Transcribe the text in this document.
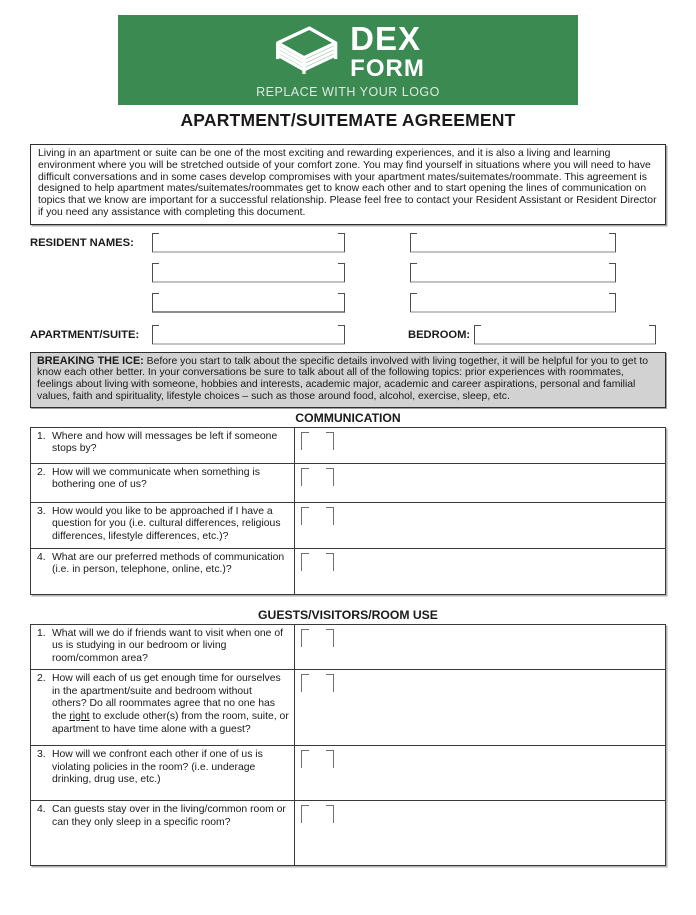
DEX
FORM
REPLACE WITH YOUR LOGO
APARTMENT/SUITEMATE AGREEMENT
Living in an apartment or suite can be one of the most exciting and rewarding experiences, and it is also a living and learning environment where you will be stretched outside of your comfort zone. You may find yourself in situations where you will need to have difficult conversations and in some cases develop compromises with your apartment mates/suitemates/roommate. This agreement is designed to help apartment mates/suitemates/roommates get to know each other and to start opening the lines of communication on topics that we know are important for a successful relationship. Please feel free to contact your Resident Assistant or Resident Director if you need any assistance with completing this document.
RESIDENT NAMES:
APARTMENT/SUITE:	BEDROOM:
BREAKING THE ICE: Before you start to talk about the specific details involved with living together, it will be helpful for you to get to know each other better. In your conversations be sure to talk about all of the following topics: prior experiences with roommates, feelings about living with someone, hobbies and interests, academic major, academic and career aspirations, personal and familial values, faith and spirituality, lifestyle choices – such as those around food, alcohol, exercise, sleep, etc.
COMMUNICATION
1. Where and how will messages be left if someone stops by?
2. How will we communicate when something is bothering one of us?
3. How would you like to be approached if I have a question for you (i.e. cultural differences, religious differences, lifestyle differences, etc.)?
4. What are our preferred methods of communication (i.e. in person, telephone, online, etc.)?
GUESTS/VISITORS/ROOM USE
1. What will we do if friends want to visit when one of us is studying in our bedroom or living room/common area?
2. How will each of us get enough time for ourselves in the apartment/suite and bedroom without others? Do all roommates agree that no one has the right to exclude other(s) from the room, suite, or apartment to have time alone with a guest?
3. How will we confront each other if one of us is violating policies in the room? (i.e. underage drinking, drug use, etc.)
4. Can guests stay over in the living/common room or can they only sleep in a specific room?
